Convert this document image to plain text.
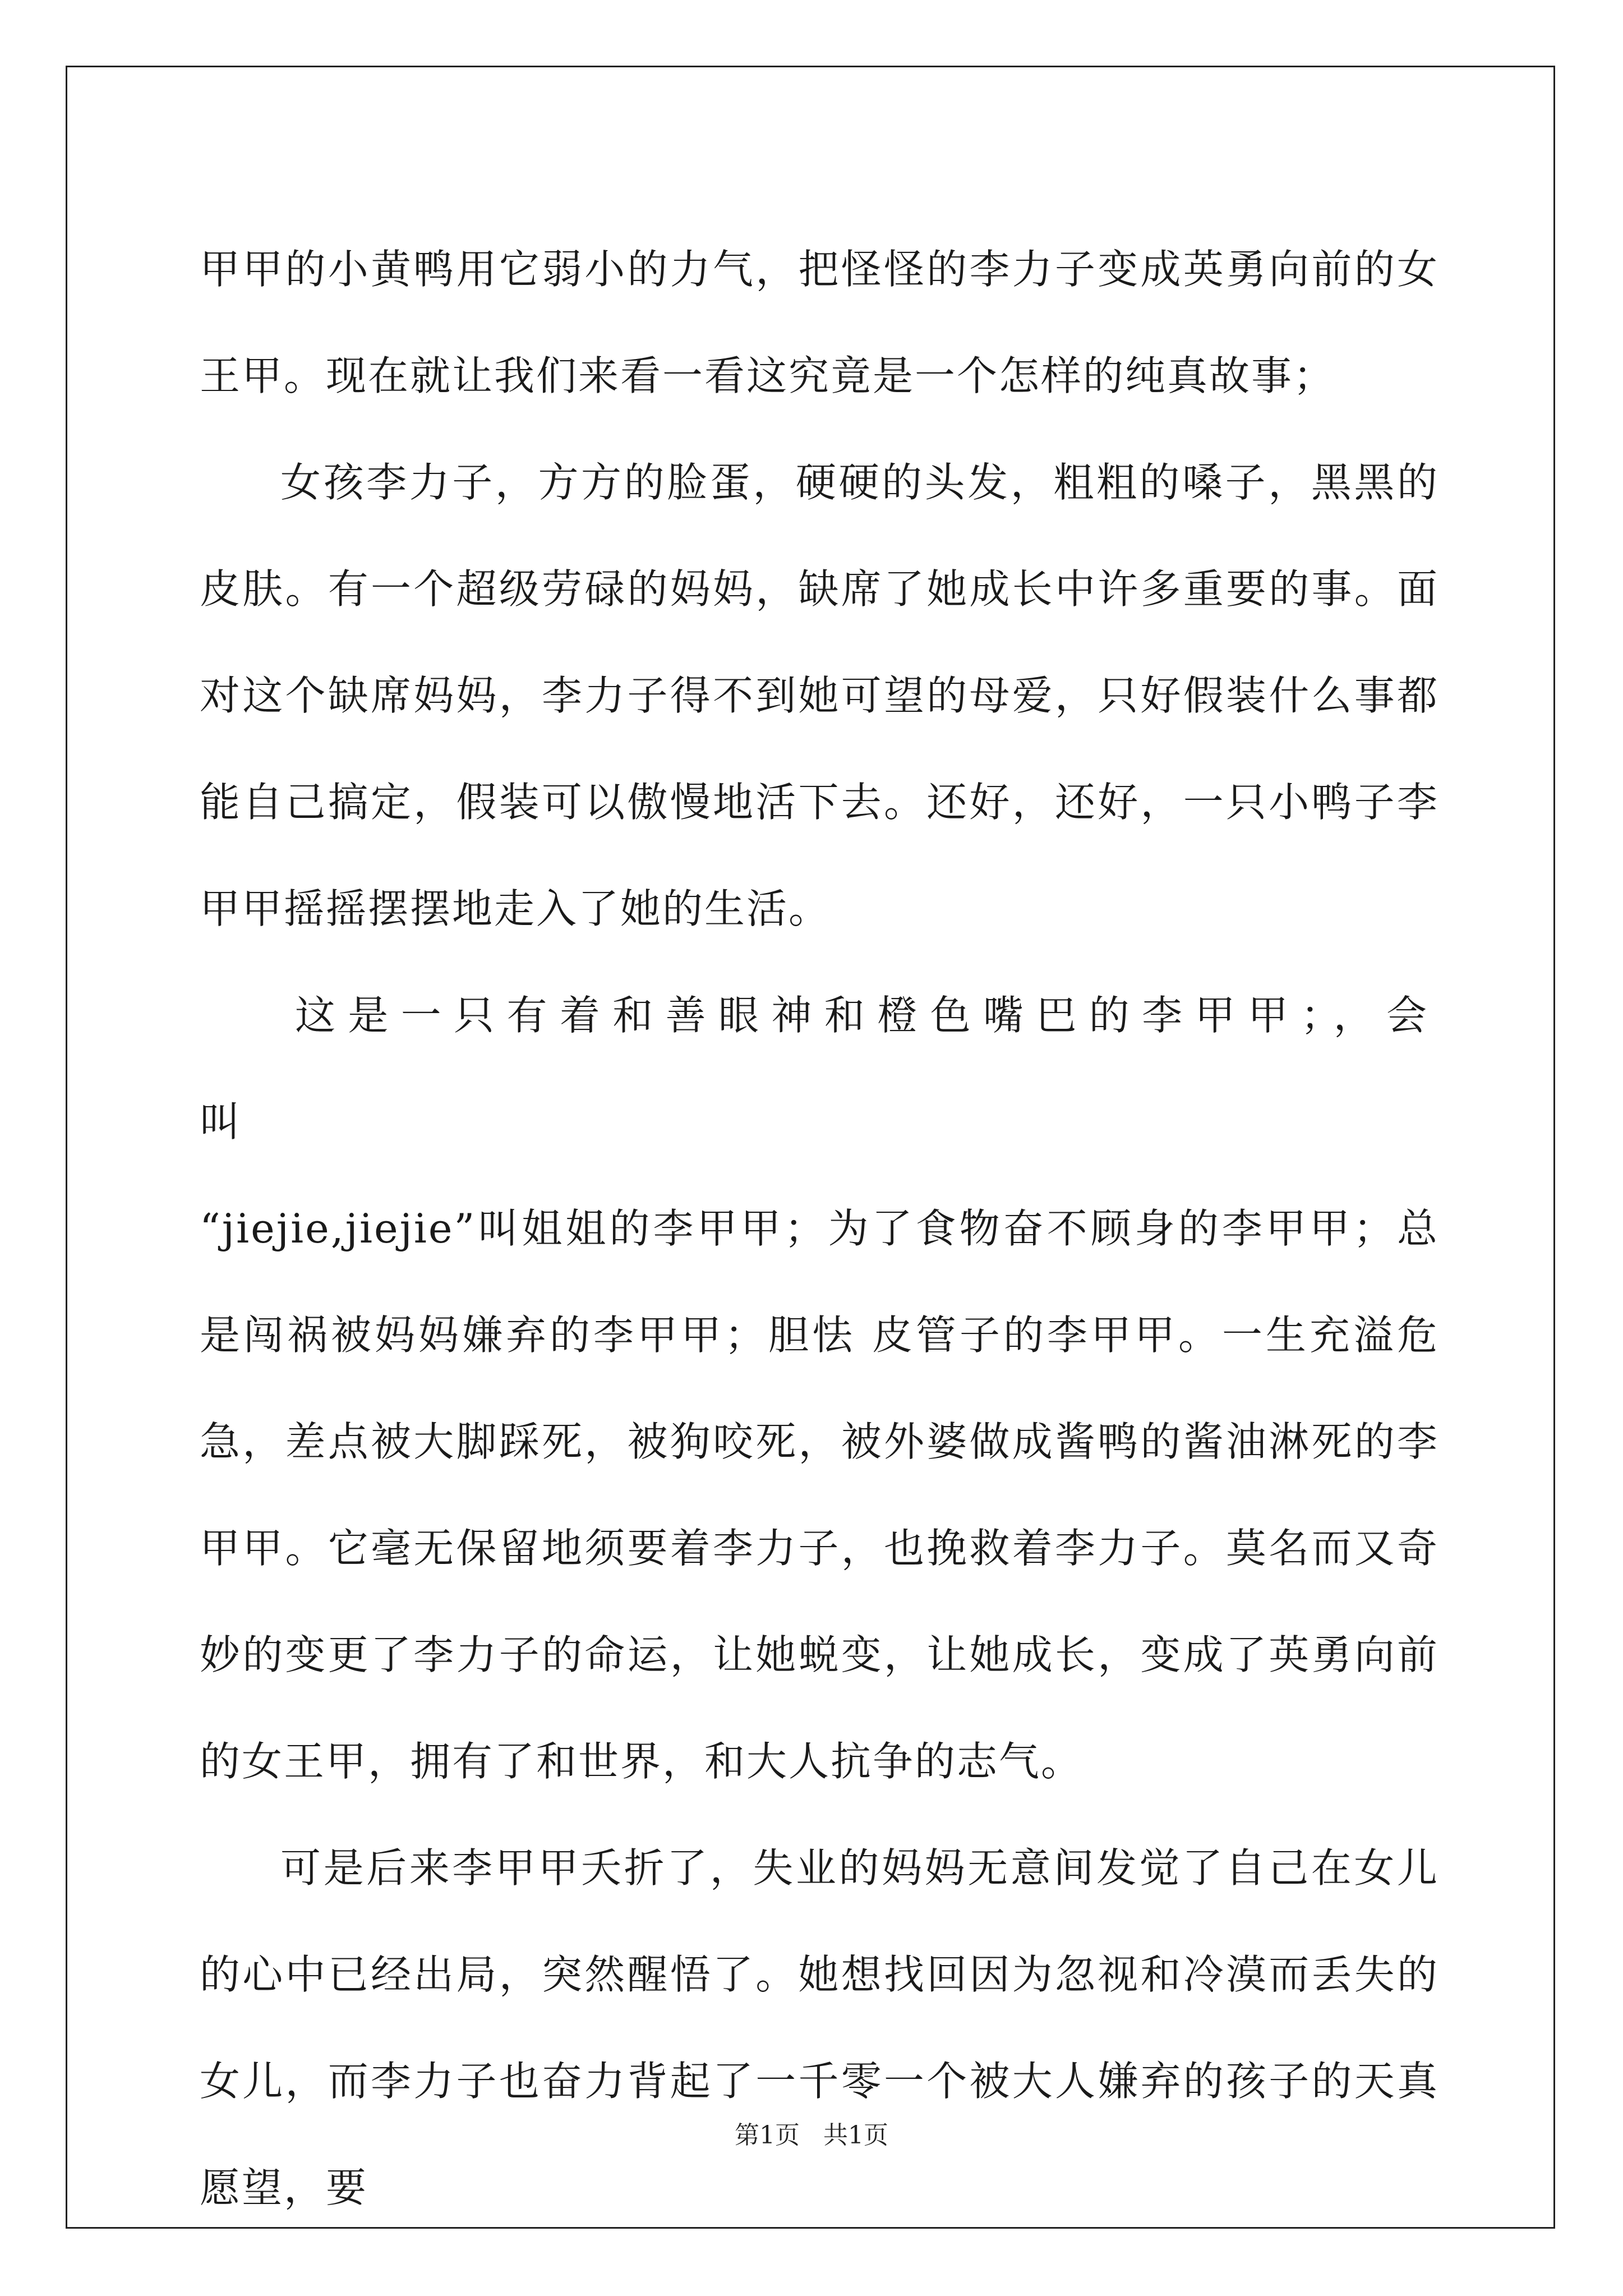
甲甲的小黄鸭用它弱小的力气，把怪怪的李力子变成英勇向前的女王甲。现在就让我们来看一看这究竟是一个怎样的纯真故事；

女孩李力子，方方的脸蛋，硬硬的头发，粗粗的嗓子，黑黑的皮肤。有一个超级劳碌的妈妈，缺席了她成长中许多重要的事。面对这个缺席妈妈，李力子得不到她可望的母爱，只好假装什么事都能自己搞定，假装可以傲慢地活下去。还好，还好，一只小鸭子李甲甲摇摇摆摆地走入了她的生活。

这是一只有着和善眼神和橙色嘴巴的李甲甲；，会叫
“jiejie,jiejie”叫姐姐的李甲甲；为了食物奋不顾身的李甲甲；总是闯祸被妈妈嫌弃的李甲甲；胆怯 皮管子的李甲甲。一生充溢危急，差点被大脚踩死，被狗咬死，被外婆做成酱鸭的酱油淋死的李甲甲。它毫无保留地须要着李力子，也挽救着李力子。莫名而又奇妙的变更了李力子的命运，让她蜕变，让她成长，变成了英勇向前的女王甲，拥有了和世界，和大人抗争的志气。

可是后来李甲甲夭折了，失业的妈妈无意间发觉了自己在女儿的心中已经出局，突然醒悟了。她想找回因为忽视和冷漠而丢失的女儿，而李力子也奋力背起了一千零一个被大人嫌弃的孩子的天真愿望，要

第1页 共1页
